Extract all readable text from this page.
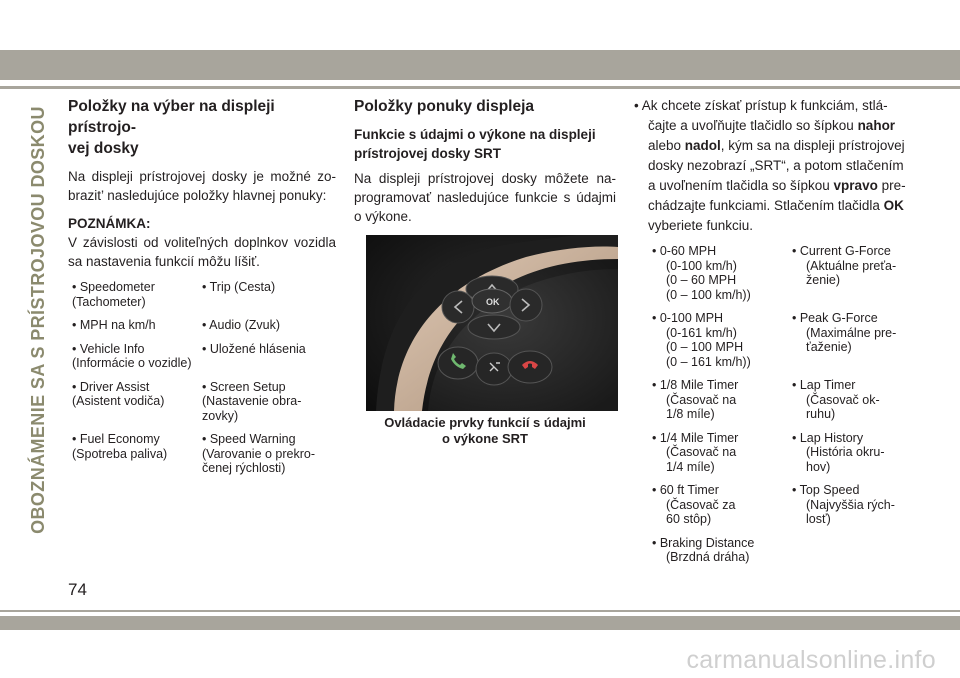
OBOZNÁMENIE SA S PRÍSTROJOVOU DOSKOU
74
carmanualsonline.info
Položky na výber na displeji prístrojo-
vej dosky

Na displeji prístrojovej dosky je možné zo-brazit’ nasledujúce položky hlavnej ponuky:

POZNÁMKA:

V závislosti od voliteľných doplnkov vozidla sa nastavenia funkcií môžu líšiť.

• Speedometer
(Tachometer)
• Trip (Cesta)
• MPH na km/h	• Audio (Zvuk)
• Vehicle Info
(Informácie o vozidle)
• Uložené hlásenia
• Driver Assist
(Asistent vodiča)
• Screen Setup
(Nastavenie obra-
zovky)
• Fuel Economy
(Spotreba paliva)
• Speed Warning
(Varovanie o prekro-
čenej rýchlosti)
Položky ponuky displeja
Funkcie s údajmi o výkone na displeji
prístrojovej dosky SRT

Na displeji prístrojovej dosky môžete na-programovať nasledujúce funkcie s údajmi o výkone.

OK
Ovládacie prvky funkcií s údajmi
o výkone SRT
• Ak chcete získať prístup k funkciám, stlá-čajte a uvoľňujte tlačidlo so šípkou nahor alebo nadol, kým sa na displeji prístrojovej dosky nezobrazí „SRT“, a potom stlačením a uvoľnením tlačidla so šípkou vpravo pre-chádzajte funkciami. Stlačením tlačidla OK vyberiete funkciu.
• 0-60 MPH
(0-100 km/h)
(0 – 60 MPH
(0 – 100 km/h))
• Current G-Force
(Aktuálne preťa-
ženie)
• 0-100 MPH
(0-161 km/h)
(0 – 100 MPH
(0 – 161 km/h))
• Peak G-Force
(Maximálne pre-
ťaženie)
• 1/8 Mile Timer
(Časovač na
1/8 míle)
• Lap Timer
(Časovač ok-
ruhu)
• 1/4 Mile Timer
(Časovač na
1/4 míle)
• Lap History
(História okru-
hov)
• 60 ft Timer
(Časovač za
60 stôp)
• Top Speed
(Najvyššia rých-
losť)
• Braking Distance
(Brzdná dráha)
